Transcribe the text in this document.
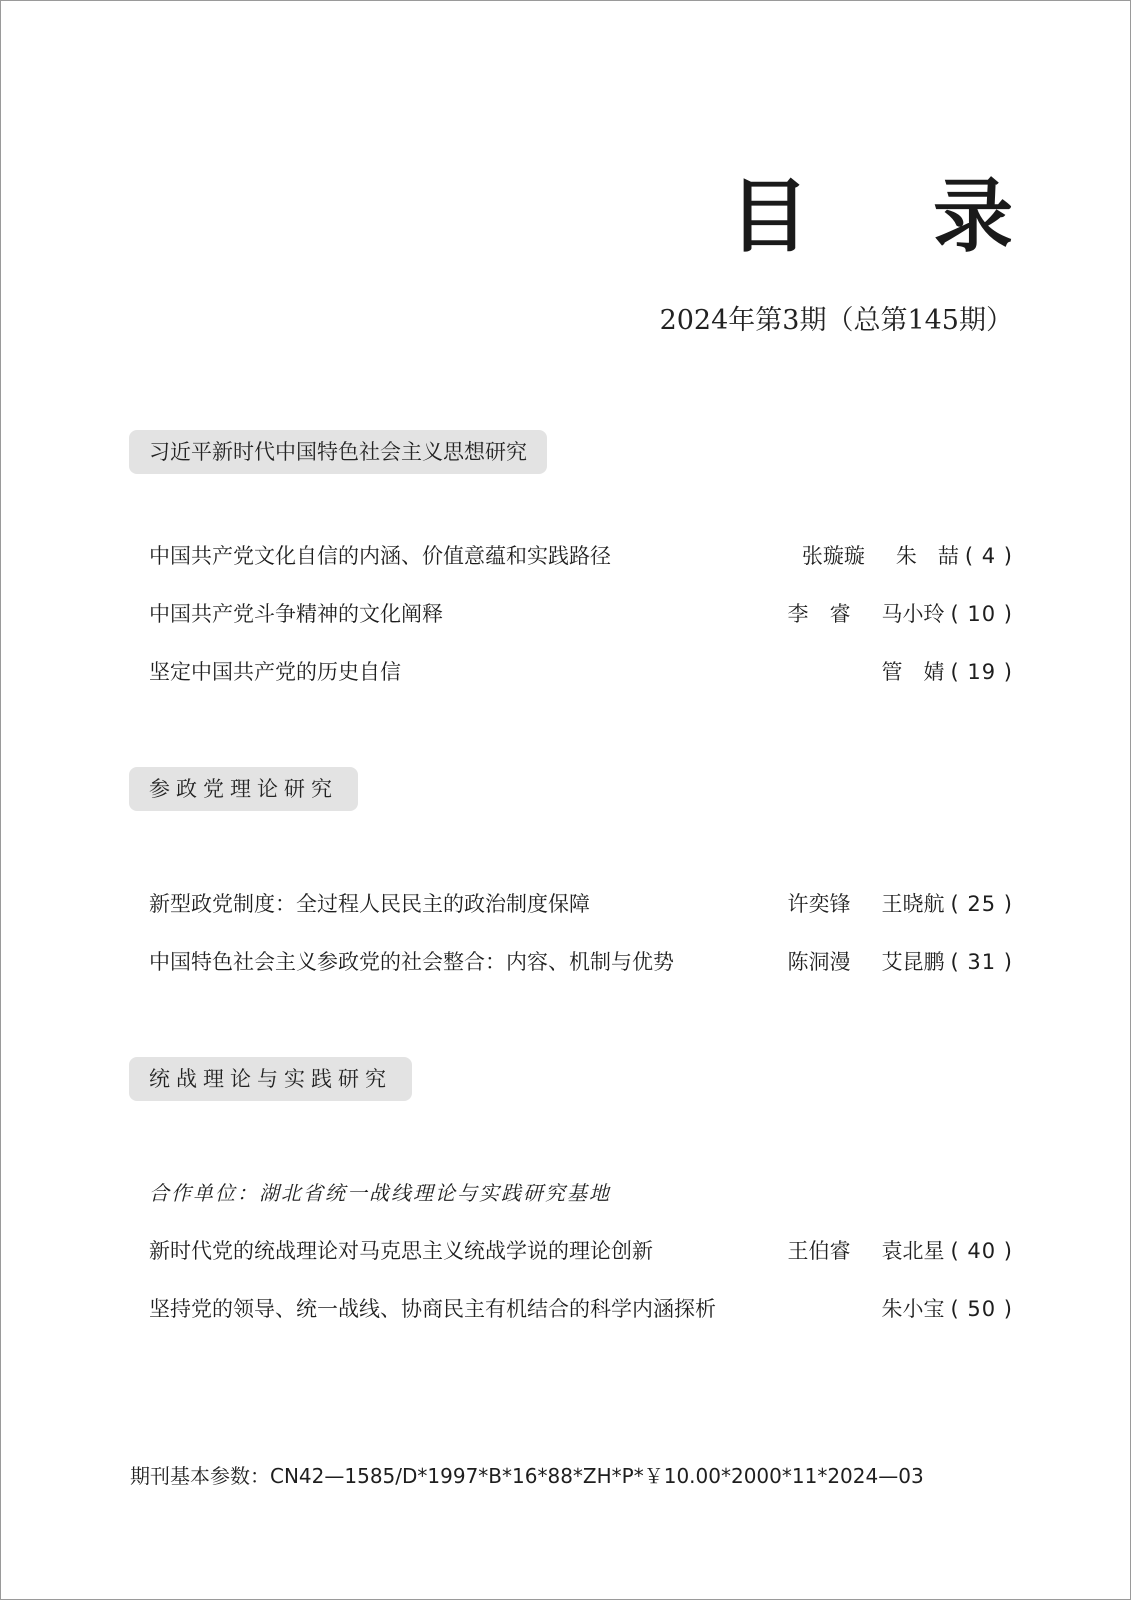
目 录
2024年第3期（总第145期）
习近平新时代中国特色社会主义思想研究
中国共产党文化自信的内涵、价值意蕴和实践路径	张璇璇 朱　喆 ( 4 )
中国共产党斗争精神的文化阐释	李　睿 马小玲 ( 10 )
坚定中国共产党的历史自信	管　婧 ( 19 )
参政党理论研究
新型政党制度：全过程人民民主的政治制度保障	许奕锋 王晓航 ( 25 )
中国特色社会主义参政党的社会整合：内容、机制与优势	陈洞漫 艾昆鹏 ( 31 )
统战理论与实践研究
合作单位：湖北省统一战线理论与实践研究基地
新时代党的统战理论对马克思主义统战学说的理论创新	王伯睿 袁北星 ( 40 )
坚持党的领导、统一战线、协商民主有机结合的科学内涵探析	朱小宝 ( 50 )
期刊基本参数：CN42—1585/D*1997*B*16*88*ZH*P*￥10.00*2000*11*2024—03
